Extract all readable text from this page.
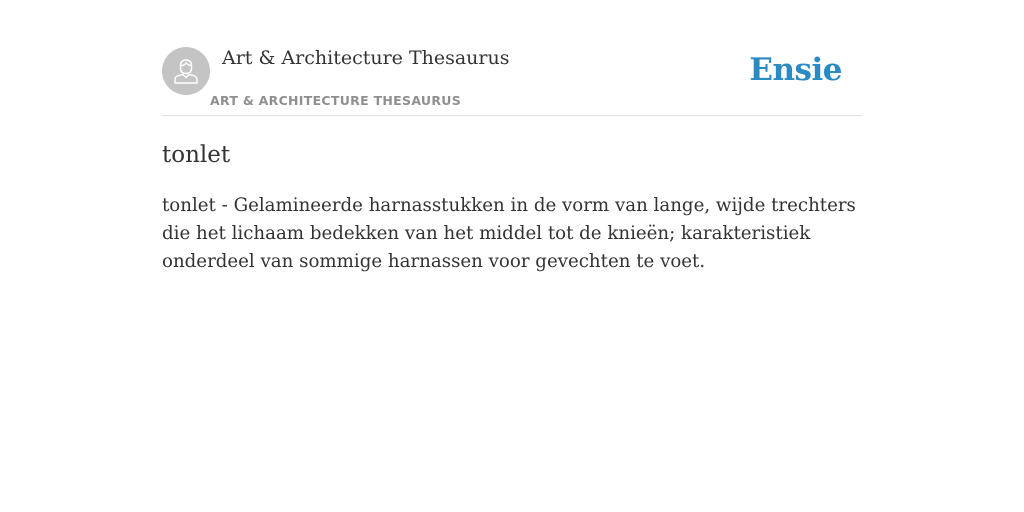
Art & Architecture Thesaurus
ART & ARCHITECTURE THESAURUS
Ensie
tonlet

tonlet - Gelamineerde harnasstukken in de vorm van lange, wijde trechters die het lichaam bedekken van het middel tot de knieën; karakteristiek onderdeel van sommige harnassen voor gevechten te voet.
